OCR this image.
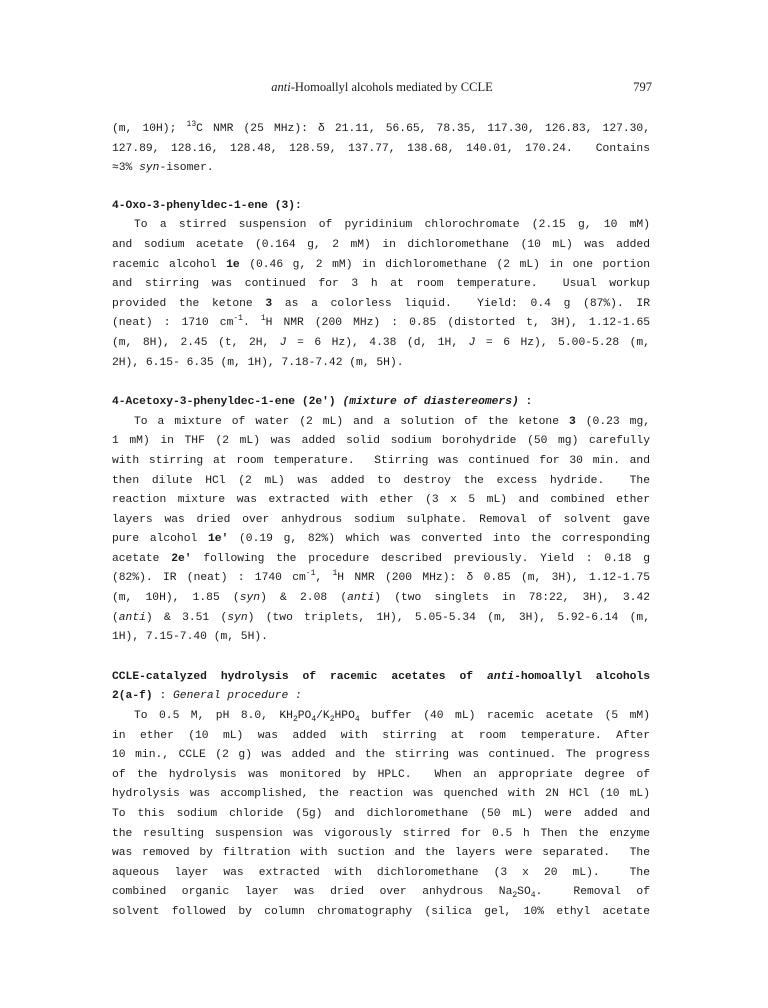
anti-Homoallyl alcohols mediated by CCLE	797
(m, 10H); $^{13}$C NMR (25 MHz): δ 21.11, 56.65, 78.35, 117.30, 126.83, 127.30,
127.89, 128.16, 128.48, 128.59, 137.77, 138.68, 140.01, 170.24.  Contains
≈3% syn-isomer.
4-Oxo-3-phenyldec-1-ene (3):
To a stirred suspension of pyridinium chlorochromate (2.15 g, 10 mM)
and sodium acetate (0.164 g, 2 mM) in dichloromethane (10 mL) was added
racemic alcohol 1e (0.46 g, 2 mM) in dichloromethane (2 mL) in one portion
and stirring was continued for 3 h at room temperature.  Usual workup
provided the ketone 3 as a colorless liquid.  Yield: 0.4 g (87%). IR
(neat) : 1710 $cm^{-1}$. $^1$H NMR (200 MHz) : 0.85 (distorted t, 3H), 1.12-1.65
(m, 8H), 2.45 (t, 2H, J = 6 Hz), 4.38 (d, 1H, J = 6 Hz), 5.00-5.28 (m,
2H), 6.15- 6.35 (m, 1H), 7.18-7.42 (m, 5H).
4-Acetoxy-3-phenyldec-1-ene (2e') (mixture of diastereomers) :
To a mixture of water (2 mL) and a solution of the ketone 3 (0.23 mg,
1 mM) in THF (2 mL) was added solid sodium borohydride (50 mg) carefully
with stirring at room temperature.  Stirring was continued for 30 min. and
then dilute HCl (2 mL) was added to destroy the excess hydride.  The
reaction mixture was extracted with ether (3 x 5 mL) and combined ether
layers was dried over anhydrous sodium sulphate. Removal of solvent gave
pure alcohol 1e' (0.19 g, 82%) which was converted into the corresponding
acetate 2e' following the procedure described previously. Yield : 0.18 g
(82%). IR (neat) : 1740 $cm^{-1}$, $^1$H NMR (200 MHz): δ 0.85 (m, 3H), 1.12-1.75
(m, 10H), 1.85 (syn) & 2.08 (anti) (two singlets in 78:22, 3H), 3.42
(anti) & 3.51 (syn) (two triplets, 1H), 5.05-5.34 (m, 3H), 5.92-6.14 (m,
1H), 7.15-7.40 (m, 5H).
CCLE-catalyzed hydrolysis of racemic acetates of anti-homoallyl alcohols
2(a-f) : General procedure :
To 0.5 M, pH 8.0, $KH_2PO_4/K_2HPO_4$ buffer (40 mL) racemic acetate (5 mM)
in ether (10 mL) was added with stirring at room temperature. After
10 min., CCLE (2 g) was added and the stirring was continued. The progress
of the hydrolysis was monitored by HPLC.  When an appropriate degree of
hydrolysis was accomplished, the reaction was quenched with 2N HCl (10 mL)
To this sodium chloride (5g) and dichloromethane (50 mL) were added and
the resulting suspension was vigorously stirred for 0.5 h Then the enzyme
was removed by filtration with suction and the layers were separated.  The
aqueous layer was extracted with dichloromethane (3 x 20 mL).  The
combined organic layer was dried over anhydrous $Na_2SO_4$.  Removal of
solvent followed by column chromatography (silica gel, 10% ethyl acetate
